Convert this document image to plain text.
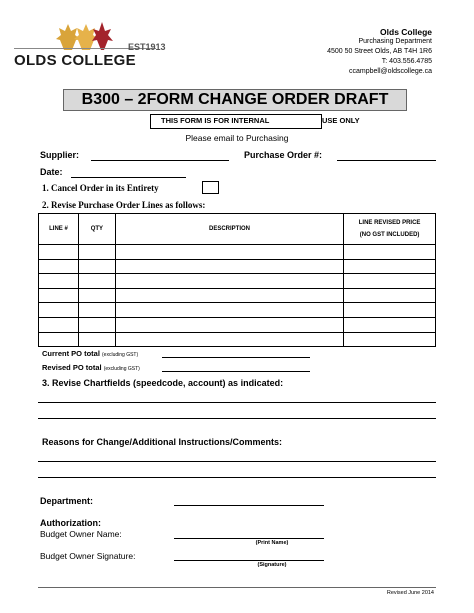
EST1913
OLDS COLLEGE
Olds College
Purchasing Department
4500 50 Street Olds, AB T4H 1R6
T: 403.556.4785
ccampbell@oldscollege.ca
B300 – 2FORM CHANGE ORDER DRAFT
THIS FORM IS FOR INTERNAL	USE ONLY
Please email to Purchasing
Supplier:	Purchase Order #:
Date:
1. Cancel Order in its Entirety
2. Revise Purchase Order Lines as follows:
LINE #	QTY	DESCRIPTION	LINE REVISED PRICE
(NO GST INCLUDED)

Current PO total (excluding GST)
Revised PO total (excluding GST)
3. Revise Chartfields (speedcode, account) as indicated:
Reasons for Change/Additional Instructions/Comments:
Department:
Authorization:
Budget Owner Name:
(Print Name)
Budget Owner Signature:
(Signature)
Revised June 2014
